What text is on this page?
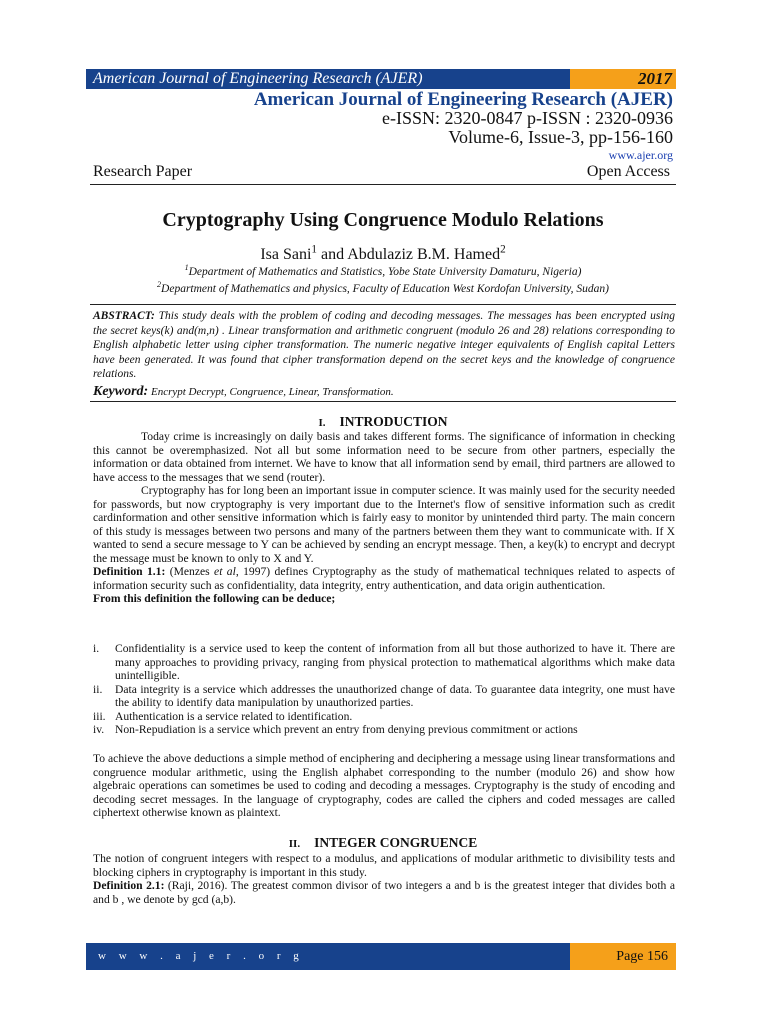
American Journal of Engineering Research (AJER)	2017
American Journal of Engineering Research (AJER)
e-ISSN: 2320-0847 p-ISSN : 2320-0936
Volume-6, Issue-3, pp-156-160
www.ajer.org
Research Paper	Open Access
Cryptography Using Congruence Modulo Relations
Isa Sani$^1$ and Abdulaziz B.M. Hamed$^2$
$^1$Department of Mathematics and Statistics, Yobe State University Damaturu, Nigeria)
$^2$Department of Mathematics and physics, Faculty of Education West Kordofan University, Sudan)
ABSTRACT: This study deals with the problem of coding and decoding messages. The messages has been encrypted using the secret keys(k) and(m,n) . Linear transformation and arithmetic congruent (modulo 26 and 28) relations corresponding to English alphabetic letter using cipher transformation. The numeric negative integer equivalents of English capital Letters have been generated. It was found that cipher transformation depend on the secret keys and the knowledge of congruence relations.
Keyword: Encrypt Decrypt, Congruence, Linear, Transformation.
I. INTRODUCTION

Today crime is increasingly on daily basis and takes different forms. The significance of information in checking this cannot be overemphasized. Not all but some information need to be secure from other partners, especially the information or data obtained from internet. We have to know that all information send by email, third partners are allowed to have access to the messages that we send (router).

Cryptography has for long been an important issue in computer science. It was mainly used for the security needed for passwords, but now cryptography is very important due to the Internet's flow of sensitive information such as credit cardinformation and other sensitive information which is fairly easy to monitor by unintended third party. The main concern of this study is messages between two persons and many of the partners between them they want to communicate with. If X wanted to send a secure message to Y can be achieved by sending an encrypt message. Then, a key(k) to encrypt and decrypt the message must be known to only to X and Y.

Definition 1.1: (Menzes et al, 1997) defines Cryptography as the study of mathematical techniques related to aspects of information security such as confidentiality, data integrity, entry authentication, and data origin authentication.

From this definition the following can be deduce;

i. Confidentiality is a service used to keep the content of information from all but those authorized to have it. There are many approaches to providing privacy, ranging from physical protection to mathematical algorithms which make data unintelligible.
ii. Data integrity is a service which addresses the unauthorized change of data. To guarantee data integrity, one must have the ability to identify data manipulation by unauthorized parties.
iii. Authentication is a service related to identification.
iv. Non-Repudiation is a service which prevent an entry from denying previous commitment or actions
To achieve the above deductions a simple method of enciphering and deciphering a message using linear transformations and congruence modular arithmetic, using the English alphabet corresponding to the number (modulo 26) and show how algebraic operations can sometimes be used to coding and decoding a messages. Cryptography is the study of encoding and decoding secret messages. In the language of cryptography, codes are called the ciphers and coded messages are called ciphertext otherwise known as plaintext.
II. INTEGER CONGRUENCE

The notion of congruent integers with respect to a modulus, and applications of modular arithmetic to divisibility tests and blocking ciphers in cryptography is important in this study.

Definition 2.1: (Raji, 2016). The greatest common divisor of two integers a and b is the greatest integer that divides both a and b , we denote by gcd (a,b).

w w w . a j e r . o r g	Page 156
